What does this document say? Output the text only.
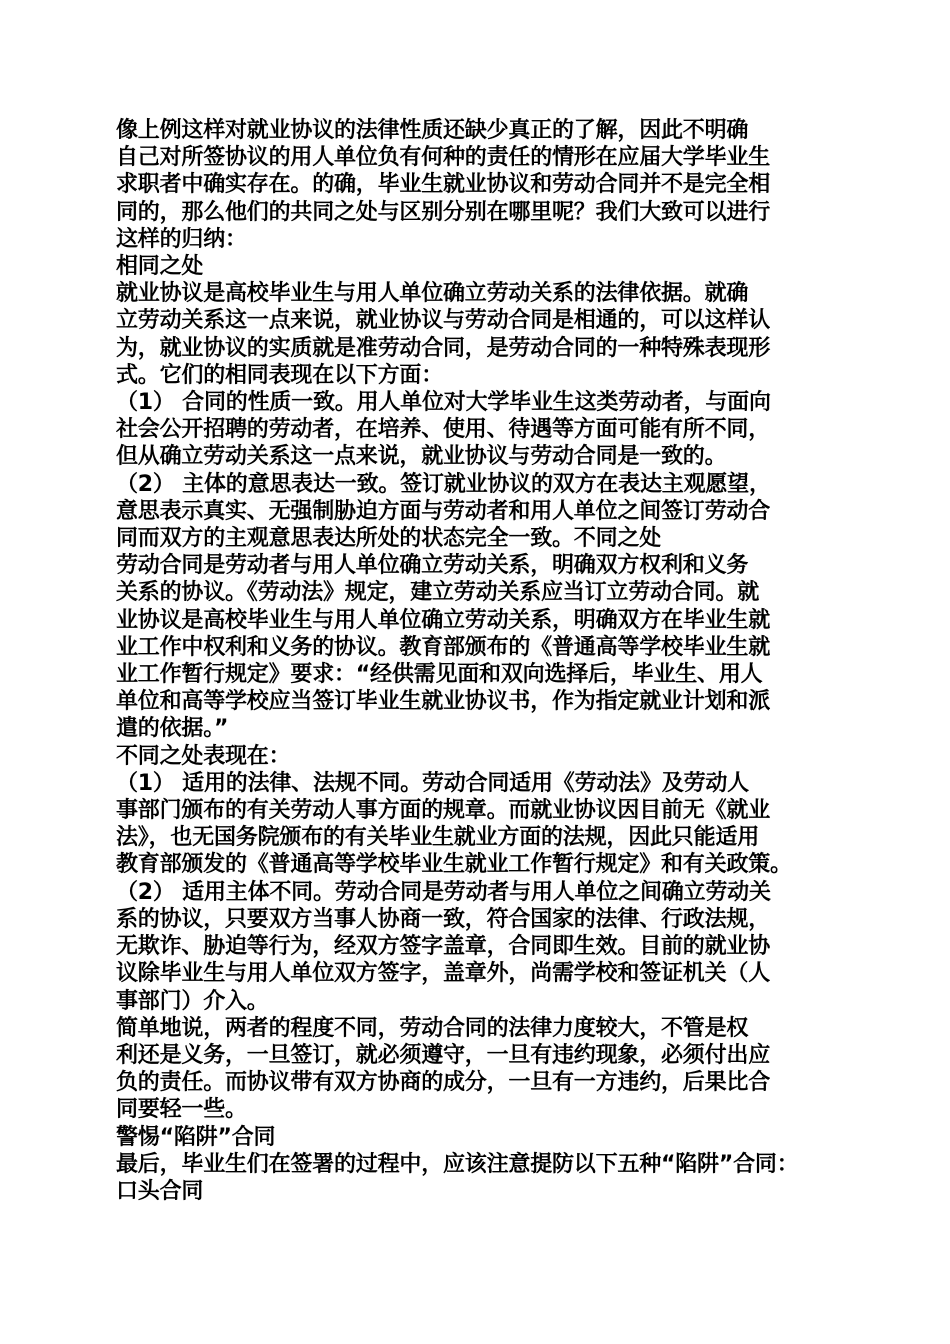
像上例这样对就业协议的法律性质还缺少真正的了解，因此不明确
自己对所签协议的用人单位负有何种的责任的情形在应届大学毕业生
求职者中确实存在。的确，毕业生就业协议和劳动合同并不是完全相
同的，那么他们的共同之处与区别分别在哪里呢？我们大致可以进行
这样的归纳：
相同之处
就业协议是高校毕业生与用人单位确立劳动关系的法律依据。就确
立劳动关系这一点来说，就业协议与劳动合同是相通的，可以这样认
为，就业协议的实质就是准劳动合同，是劳动合同的一种特殊表现形
式。它们的相同表现在以下方面：
（1） 合同的性质一致。用人单位对大学毕业生这类劳动者，与面向
社会公开招聘的劳动者，在培养、使用、待遇等方面可能有所不同，
但从确立劳动关系这一点来说，就业协议与劳动合同是一致的。
（2） 主体的意思表达一致。签订就业协议的双方在表达主观愿望，
意思表示真实、无强制胁迫方面与劳动者和用人单位之间签订劳动合
同而双方的主观意思表达所处的状态完全一致。不同之处
劳动合同是劳动者与用人单位确立劳动关系，明确双方权利和义务
关系的协议。《劳动法》规定，建立劳动关系应当订立劳动合同。就
业协议是高校毕业生与用人单位确立劳动关系，明确双方在毕业生就
业工作中权利和义务的协议。教育部颁布的《普通高等学校毕业生就
业工作暂行规定》要求：“经供需见面和双向选择后，毕业生、用人
单位和高等学校应当签订毕业生就业协议书，作为指定就业计划和派
遣的依据。”
不同之处表现在：
（1） 适用的法律、法规不同。劳动合同适用《劳动法》及劳动人
事部门颁布的有关劳动人事方面的规章。而就业协议因目前无《就业
法》，也无国务院颁布的有关毕业生就业方面的法规，因此只能适用
教育部颁发的《普通高等学校毕业生就业工作暂行规定》和有关政策。
（2） 适用主体不同。劳动合同是劳动者与用人单位之间确立劳动关
系的协议，只要双方当事人协商一致，符合国家的法律、行政法规，
无欺诈、胁迫等行为，经双方签字盖章，合同即生效。目前的就业协
议除毕业生与用人单位双方签字，盖章外，尚需学校和签证机关（人
事部门）介入。
简单地说，两者的程度不同，劳动合同的法律力度较大，不管是权
利还是义务，一旦签订，就必须遵守，一旦有违约现象，必须付出应
负的责任。而协议带有双方协商的成分，一旦有一方违约，后果比合
同要轻一些。
警惕“陷阱”合同
最后，毕业生们在签署的过程中，应该注意提防以下五种“陷阱”合同：
口头合同
